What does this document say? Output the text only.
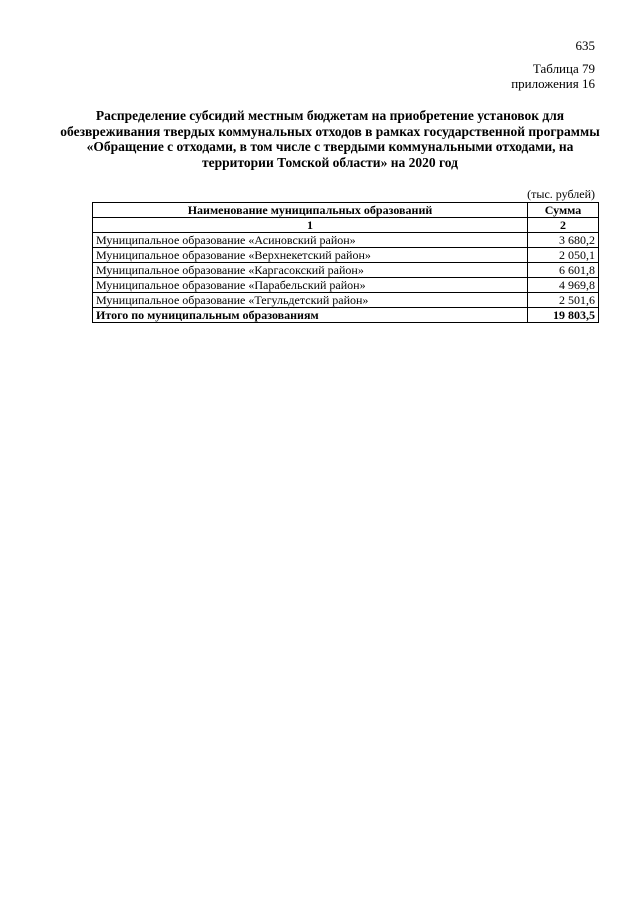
635
Таблица 79
приложения 16
Распределение субсидий местным бюджетам на приобретение установок для обезвреживания твердых коммунальных отходов в рамках государственной программы «Обращение с отходами, в том числе с твердыми коммунальными отходами, на территории Томской области» на 2020 год
(тыс. рублей)
Наименование муниципальных образований	Сумма
1	2
Муниципальное образование «Асиновский район»	3 680,2
Муниципальное образование «Верхнекетский район»	2 050,1
Муниципальное образование «Каргасокский район»	6 601,8
Муниципальное образование «Парабельский район»	4 969,8
Муниципальное образование «Тегульдетский район»	2 501,6
Итого по муниципальным образованиям	19 803,5
